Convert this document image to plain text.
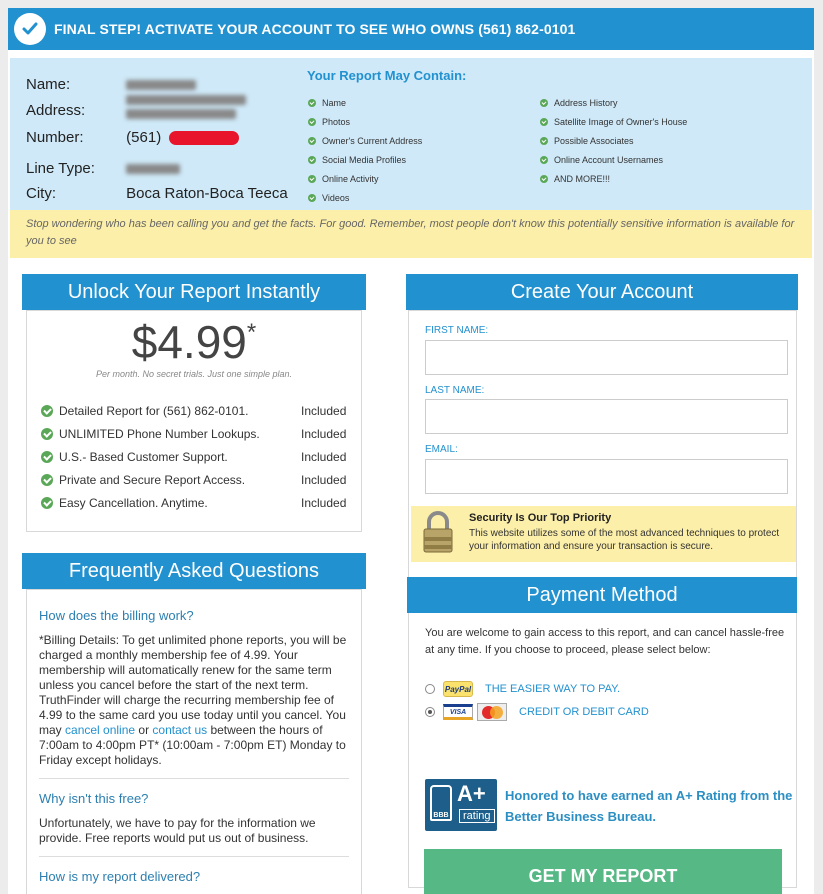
FINAL STEP! ACTIVATE YOUR ACCOUNT TO SEE WHO OWNS (561) 862-0101
Name:
Address:
Number:	(561)
Line Type:
City:	Boca Raton-Boca Teeca
Your Report May Contain:
Name
Photos
Owner's Current Address
Social Media Profiles
Online Activity
Videos
Address History
Satellite Image of Owner's House
Possible Associates
Online Account Usernames
AND MORE!!!
Stop wondering who has been calling you and get the facts. For good. Remember, most people don't know this potentially sensitive information is available for you to see
Unlock Your Report Instantly
$4.99*
Per month. No secret trials. Just one simple plan.
Detailed Report for (561) 862-0101.	Included
UNLIMITED Phone Number Lookups.	Included
U.S.- Based Customer Support.	Included
Private and Secure Report Access.	Included
Easy Cancellation. Anytime.	Included
Frequently Asked Questions
How does the billing work?
*Billing Details: To get unlimited phone reports, you will be charged a monthly membership fee of 4.99. Your membership will automatically renew for the same term unless you cancel before the start of the next term. TruthFinder will charge the recurring membership fee of 4.99 to the same card you use today until you cancel. You may cancel online or contact us between the hours of 7:00am to 4:00pm PT* (10:00am - 7:00pm ET) Monday to Friday except holidays.
Why isn't this free?
Unfortunately, we have to pay for the information we provide. Free reports would put us out of business.
How is my report delivered?
Create Your Account
FIRST NAME:
LAST NAME:
EMAIL:
Security Is Our Top Priority
This website utilizes some of the most advanced techniques to protect your information and ensure your transaction is secure.
Payment Method
You are welcome to gain access to this report, and can cancel hassle-free at any time. If you choose to proceed, please select below:
PayPal THE EASIER WAY TO PAY.
VISA	CREDIT OR DEBIT CARD
BBB
A+
rating
Honored to have earned an A+ Rating from the Better Business Bureau.
GET MY REPORT
